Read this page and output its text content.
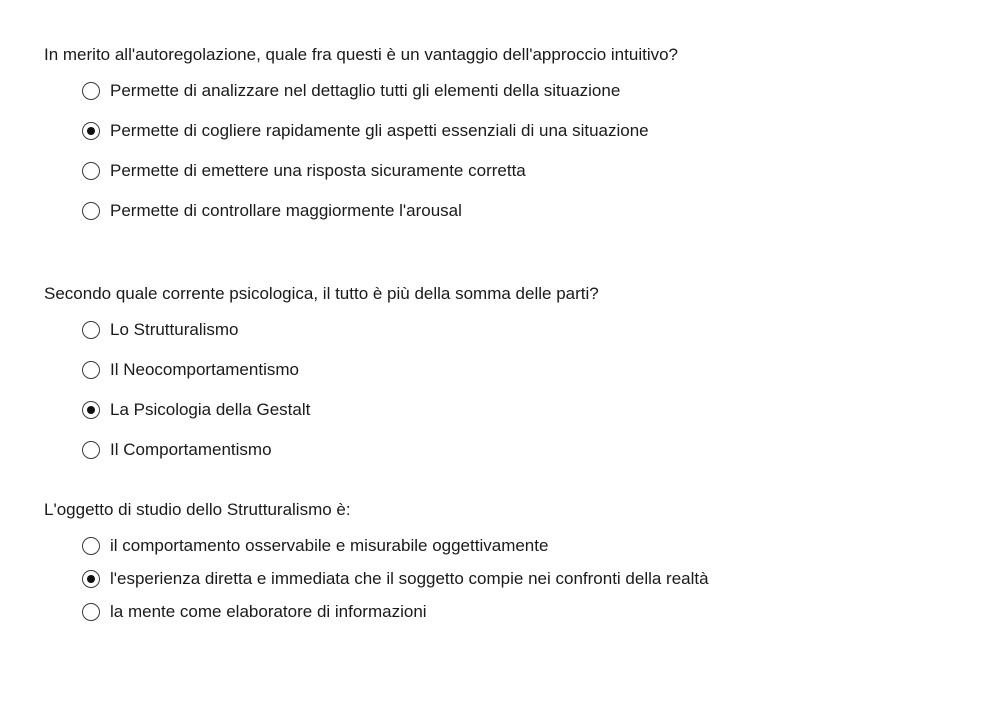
In merito all'autoregolazione, quale fra questi è un vantaggio dell'approccio intuitivo?

Permette di analizzare nel dettaglio tutti gli elementi della situazione
Permette di cogliere rapidamente gli aspetti essenziali di una situazione
Permette di emettere una risposta sicuramente corretta
Permette di controllare maggiormente l'arousal

Secondo quale corrente psicologica, il tutto è più della somma delle parti?

Lo Strutturalismo
Il Neocomportamentismo
La Psicologia della Gestalt
Il Comportamentismo

L'oggetto di studio dello Strutturalismo è:

il comportamento osservabile e misurabile oggettivamente
l'esperienza diretta e immediata che il soggetto compie nei confronti della realtà
la mente come elaboratore di informazioni
